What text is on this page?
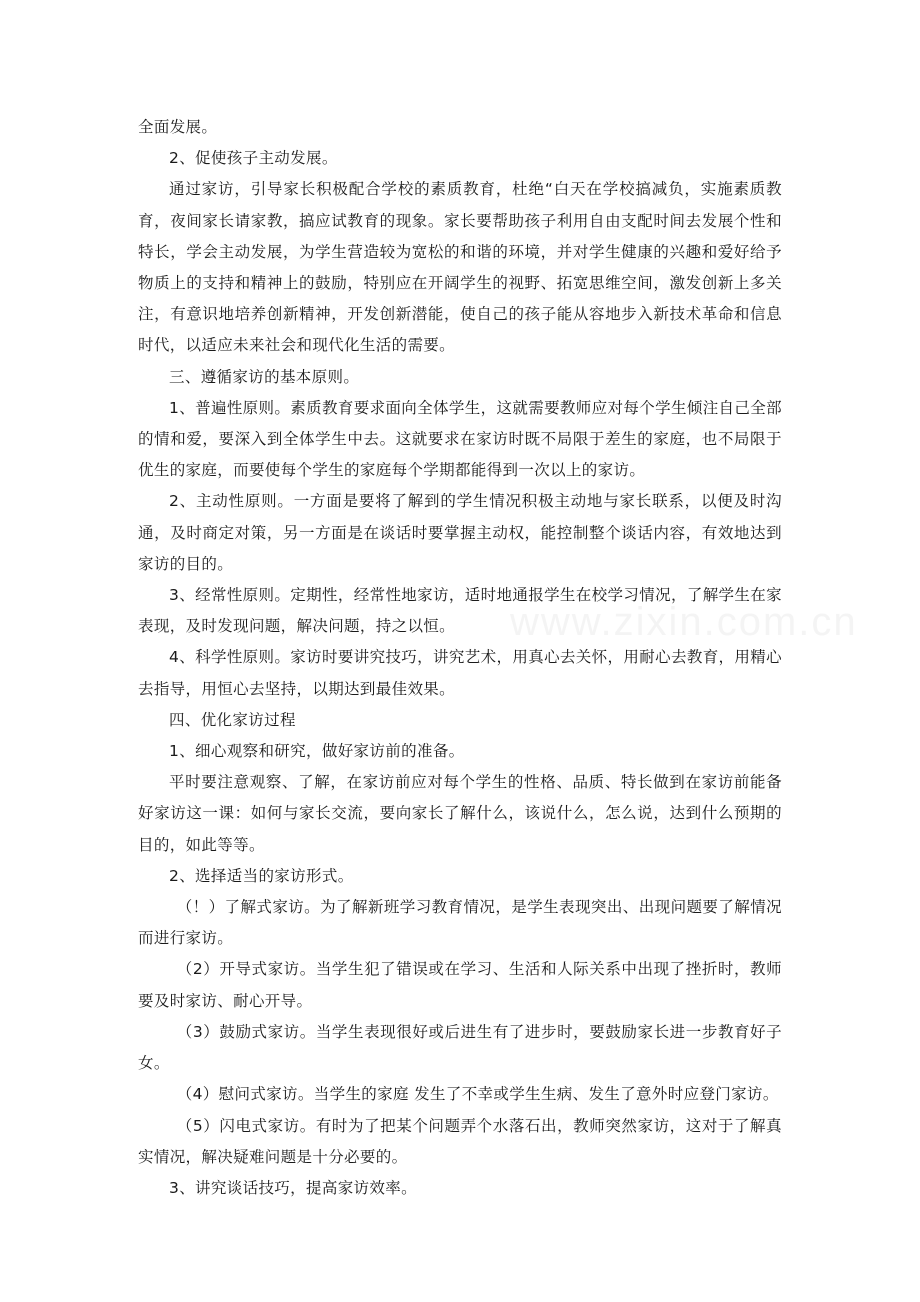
全面发展。

2、促使孩子主动发展。

通过家访，引导家长积极配合学校的素质教育，杜绝“白天在学校搞减负，实施素质教育，夜间家长请家教，搞应试教育的现象。家长要帮助孩子利用自由支配时间去发展个性和特长，学会主动发展，为学生营造较为宽松的和谐的环境，并对学生健康的兴趣和爱好给予物质上的支持和精神上的鼓励，特别应在开阔学生的视野、拓宽思维空间，激发创新上多关注，有意识地培养创新精神，开发创新潜能，使自己的孩子能从容地步入新技术革命和信息时代，以适应未来社会和现代化生活的需要。

三、遵循家访的基本原则。

1、普遍性原则。素质教育要求面向全体学生，这就需要教师应对每个学生倾注自己全部的情和爱，要深入到全体学生中去。这就要求在家访时既不局限于差生的家庭，也不局限于优生的家庭，而要使每个学生的家庭每个学期都能得到一次以上的家访。

2、主动性原则。一方面是要将了解到的学生情况积极主动地与家长联系，以便及时沟通，及时商定对策，另一方面是在谈话时要掌握主动权，能控制整个谈话内容，有效地达到家访的目的。

3、经常性原则。定期性，经常性地家访，适时地通报学生在校学习情况，了解学生在家表现，及时发现问题，解决问题，持之以恒。

4、科学性原则。家访时要讲究技巧，讲究艺术，用真心去关怀，用耐心去教育，用精心去指导，用恒心去坚持，以期达到最佳效果。

四、优化家访过程

1、细心观察和研究，做好家访前的准备。

平时要注意观察、了解，在家访前应对每个学生的性格、品质、特长做到在家访前能备好家访这一课：如何与家长交流，要向家长了解什么，该说什么，怎么说，达到什么预期的目的，如此等等。

2、选择适当的家访形式。

（！）了解式家访。为了解新班学习教育情况，是学生表现突出、出现问题要了解情况而进行家访。

（2）开导式家访。当学生犯了错误或在学习、生活和人际关系中出现了挫折时，教师要及时家访、耐心开导。

（3）鼓励式家访。当学生表现很好或后进生有了进步时，要鼓励家长进一步教育好子女。

（4）慰问式家访。当学生的家庭 发生了不幸或学生生病、发生了意外时应登门家访。

（5）闪电式家访。有时为了把某个问题弄个水落石出，教师突然家访，这对于了解真实情况，解决疑难问题是十分必要的。

3、讲究谈话技巧，提高家访效率。

www.zixin.com.cn
